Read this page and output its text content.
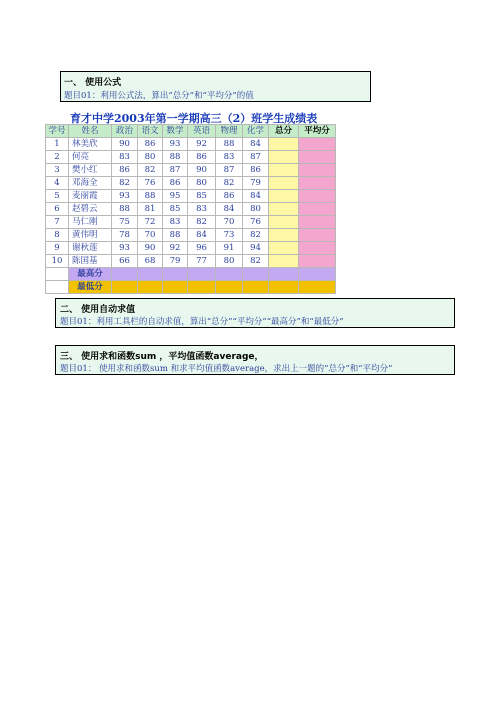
一、 使用公式
题目01：利用公式法，算出“总分”和“平均分”的值
育才中学2003年第一学期高三（2）班学生成绩表
学号	姓名	政治	语文	数学	英语	物理	化学	总分	平均分
1	林美欣	90	86	93	92	88	84		
2	何亮	83	80	88	86	83	87		
3	樊小红	86	82	87	90	87	86		
4	邓海全	82	76	86	80	82	79		
5	麦丽霞	93	88	95	85	86	84		
6	赵碧云	88	81	85	83	84	80		
7	马仁刚	75	72	83	82	70	76		
8	黄伟明	78	70	88	84	73	82		
9	谢秋莲	93	90	92	96	91	94		
10	陈国基	66	68	79	77	80	82		
	最高分								
	最低分								
二、 使用自动求值
题目01：利用工具栏的自动求值，算出“总分”“平均分”“最高分”和“最低分”
三、 使用求和函数sum ，平均值函数average，
题目01： 使用求和函数sum 和求平均值函数average，求出上一题的“总分”和“平均分”
